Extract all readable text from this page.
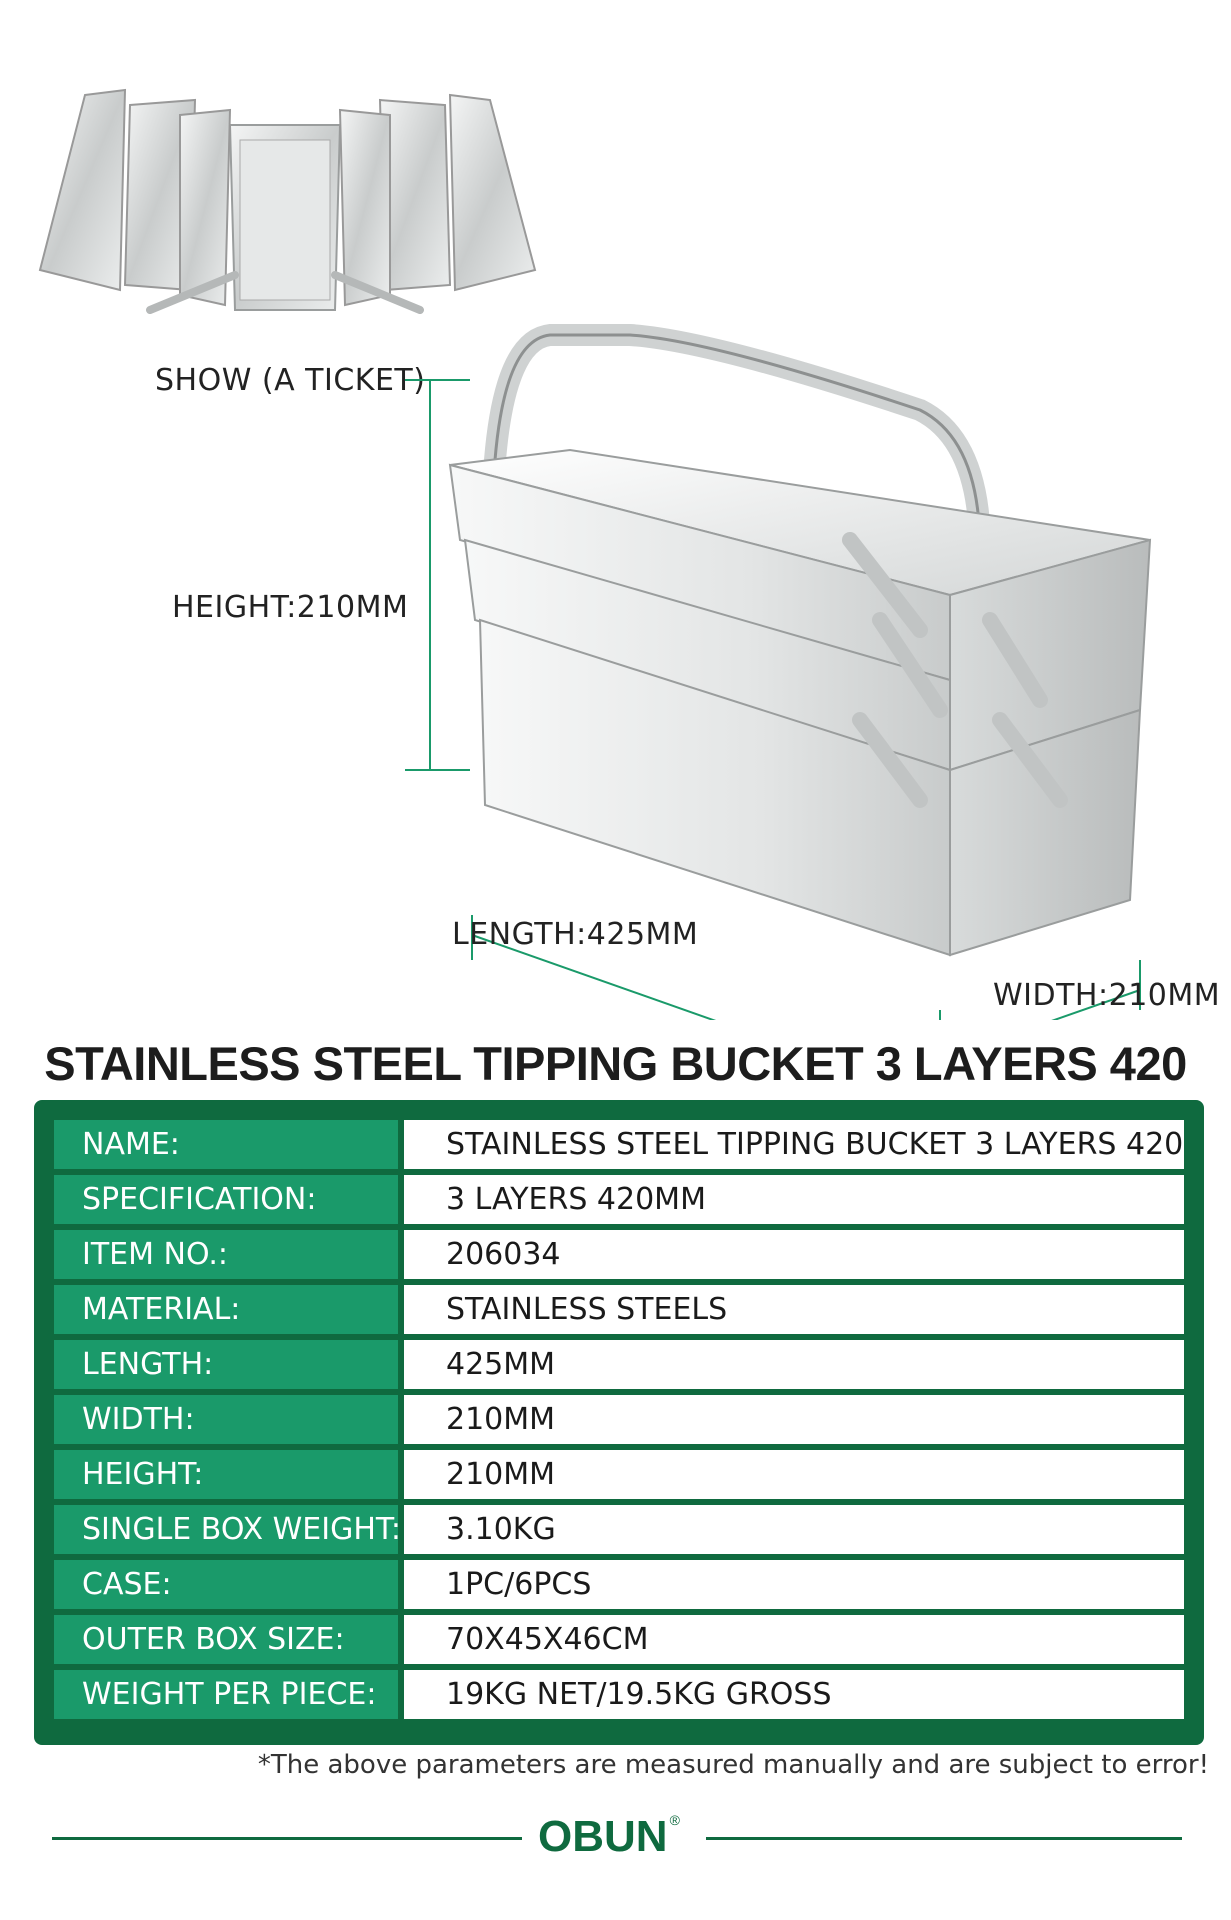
SHOW (A TICKET)
HEIGHT:210MM
LENGTH:425MM
WIDTH:210MM
STAINLESS STEEL TIPPING BUCKET 3 LAYERS 420
NAME:	STAINLESS STEEL TIPPING BUCKET 3 LAYERS 420
SPECIFICATION:	3 LAYERS 420MM
ITEM NO.:	206034
MATERIAL:	STAINLESS STEELS
LENGTH:	425MM
WIDTH:	210MM
HEIGHT:	210MM
SINGLE BOX WEIGHT:	3.10KG
CASE:	1PC/6PCS
OUTER BOX SIZE:	70X45X46CM
WEIGHT PER PIECE:	19KG NET/19.5KG GROSS
*The above parameters are measured manually and are subject to error!
OBUN ®
